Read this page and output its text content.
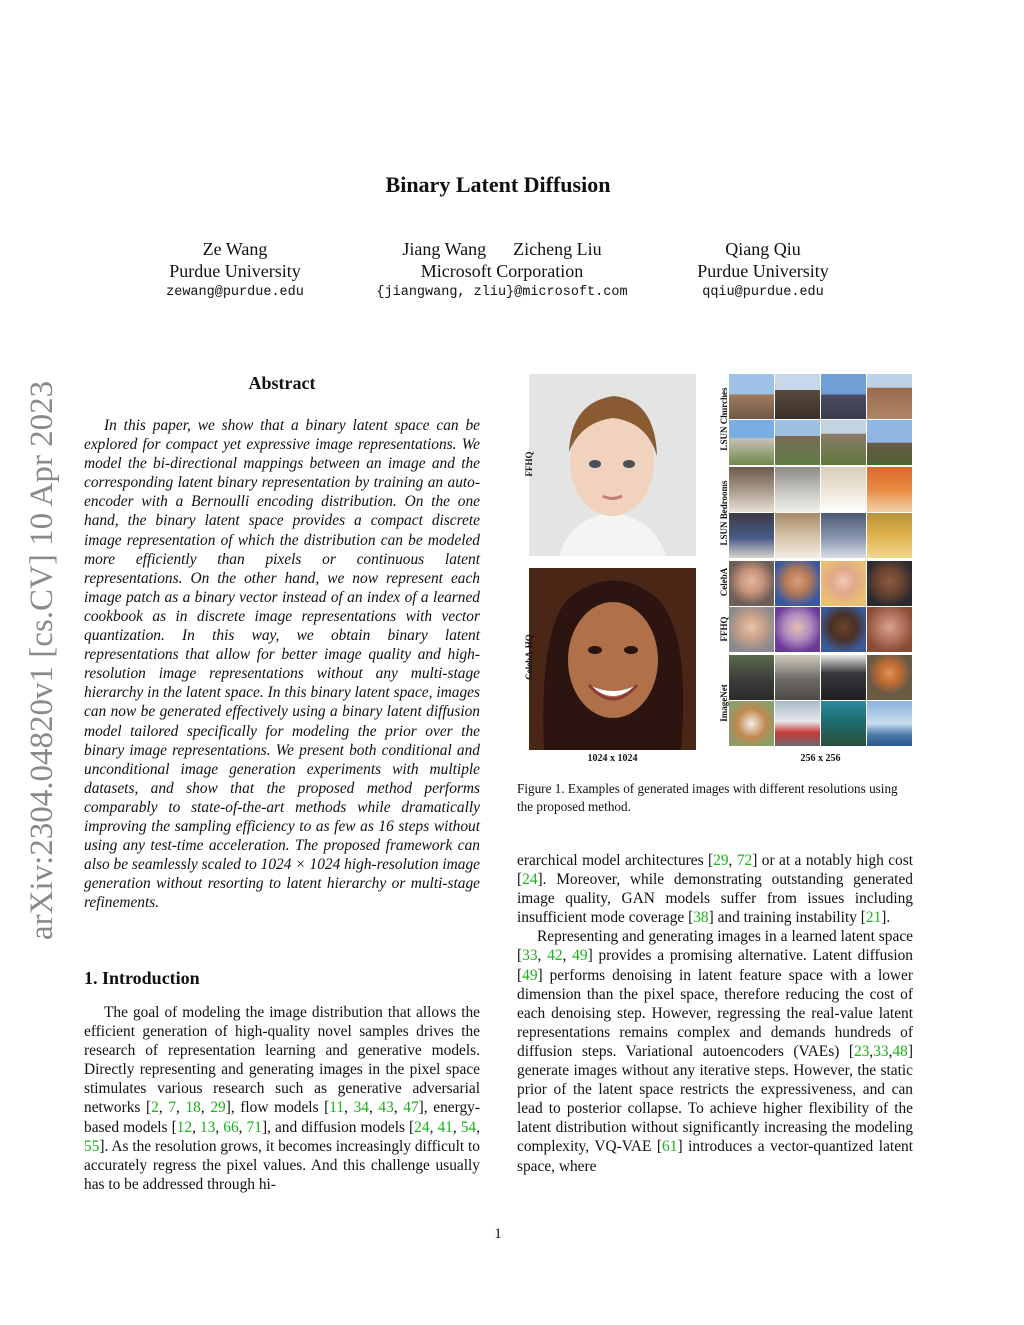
arXiv:2304.04820v1 [cs.CV] 10 Apr 2023
Binary Latent Diffusion
Ze Wang
Purdue University
zewang@purdue.edu
Jiang Wang      Zicheng Liu
Microsoft Corporation
{jiangwang, zliu}@microsoft.com
Qiang Qiu
Purdue University
qqiu@purdue.edu
Abstract

In this paper, we show that a binary latent space can be explored for compact yet expressive image representations. We model the bi-directional mappings between an image and the corresponding latent binary representation by training an auto-encoder with a Bernoulli encoding distribution. On the one hand, the binary latent space provides a compact discrete image representation of which the distribution can be modeled more efficiently than pixels or continuous latent representations. On the other hand, we now represent each image patch as a binary vector instead of an index of a learned cookbook as in discrete image representations with vector quantization. In this way, we obtain binary latent representations that allow for better image quality and high-resolution image representations without any multi-stage hierarchy in the latent space. In this binary latent space, images can now be generated effectively using a binary latent diffusion model tailored specifically for modeling the prior over the binary image representations. We present both conditional and unconditional image generation experiments with multiple datasets, and show that the proposed method performs comparably to state-of-the-art methods while dramatically improving the sampling efficiency to as few as 16 steps without using any test-time acceleration. The proposed framework can also be seamlessly scaled to 1024 × 1024 high-resolution image generation without resorting to latent hierarchy or multi-stage refinements.

1. Introduction

The goal of modeling the image distribution that allows the efficient generation of high-quality novel samples drives the research of representation learning and generative models. Directly representing and generating images in the pixel space stimulates various research such as generative adversarial networks [2, 7, 18, 29], flow models [11, 34, 43, 47], energy-based models [12, 13, 66, 71], and diffusion models [24, 41, 54, 55]. As the resolution grows, it becomes increasingly difficult to accurately regress the pixel values. And this challenge usually has to be addressed through hi-

FFHQ
CelebA-HQ
LSUN Churches
LSUN Bedrooms
CelebA
FFHQ
ImageNet
1024 x 1024	256 x 256
Figure 1. Examples of generated images with different resolutions using the proposed method.

erarchical model architectures [29, 72] or at a notably high cost [24]. Moreover, while demonstrating outstanding generated image quality, GAN models suffer from issues including insufficient mode coverage [38] and training instability [21].

Representing and generating images in a learned latent space [33, 42, 49] provides a promising alternative. Latent diffusion [49] performs denoising in latent feature space with a lower dimension than the pixel space, therefore reducing the cost of each denoising step. However, regressing the real-value latent representations remains complex and demands hundreds of diffusion steps. Variational autoencoders (VAEs) [23,33,48] generate images without any iterative steps. However, the static prior of the latent space restricts the expressiveness, and can lead to posterior collapse. To achieve higher flexibility of the latent distribution without significantly increasing the modeling complexity, VQ-VAE [61] introduces a vector-quantized latent space, where

1
